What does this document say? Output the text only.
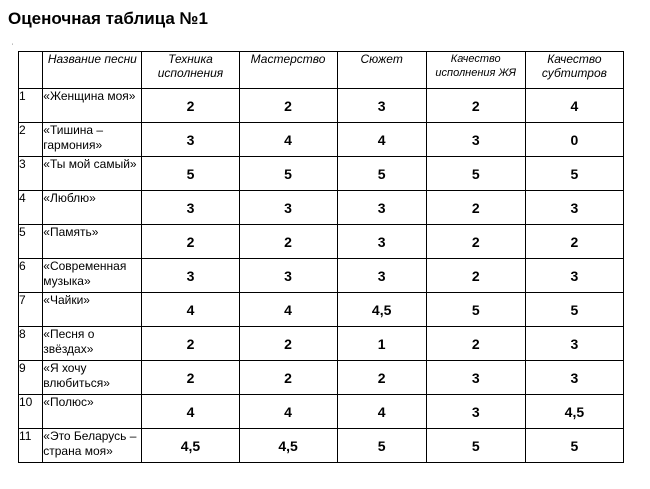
Оценочная таблица №1
'
	Название песни	Техника исполнения	Мастерство	Сюжет	Качество исполнения ЖЯ	Качество субтитров
1	«Женщина моя»	2	2	3	2	4
2	«Тишина – гармония»	3	4	4	3	0
3	«Ты мой самый»	5	5	5	5	5
4	«Люблю»	3	3	3	2	3
5	«Память»	2	2	3	2	2
6	«Современная музыка»	3	3	3	2	3
7	«Чайки»	4	4	4,5	5	5
8	«Песня о звёздах»	2	2	1	2	3
9	«Я хочу влюбиться»	2	2	2	3	3
10	«Полюс»	4	4	4	3	4,5
11	«Это Беларусь – страна моя»	4,5	4,5	5	5	5
